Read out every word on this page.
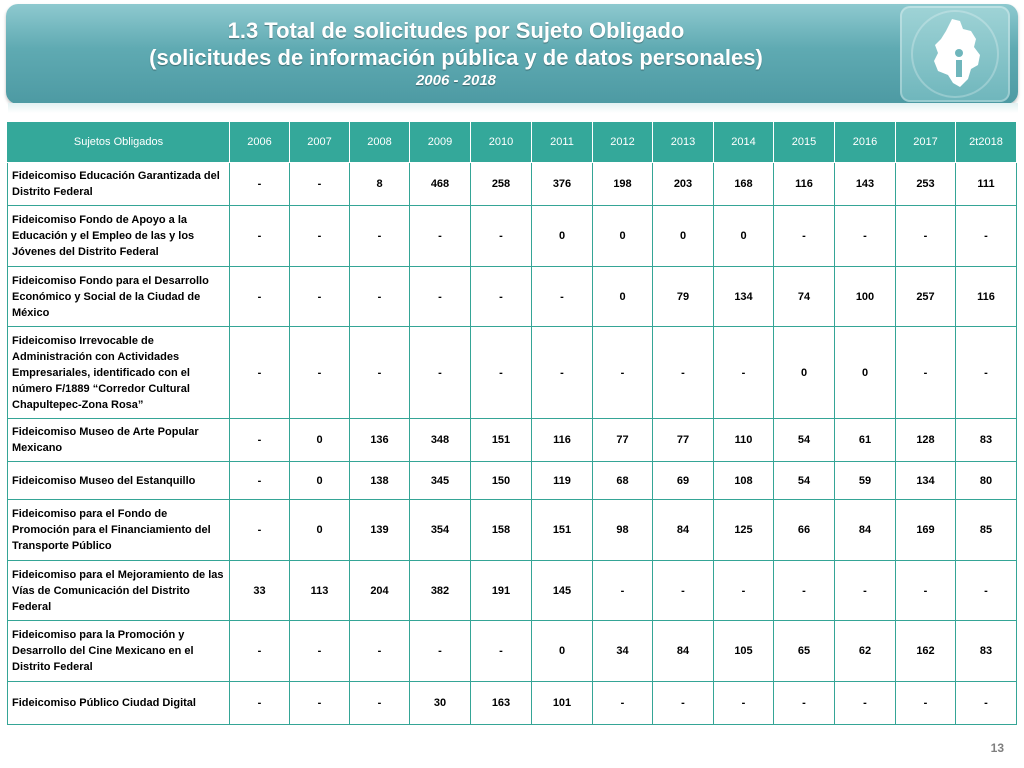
1.3 Total de solicitudes por Sujeto Obligado
(solicitudes de información pública y de datos personales)
2006 - 2018
Sujetos Obligados	2006	2007	2008	2009	2010	2011	2012	2013	2014	2015	2016	2017	2t2018
Fideicomiso Educación Garantizada del Distrito Federal	-	-	8	468	258	376	198	203	168	116	143	253	111
Fideicomiso Fondo de Apoyo a la Educación y el Empleo de las y los Jóvenes del Distrito Federal	-	-	-	-	-	0	0	0	0	-	-	-	-
Fideicomiso Fondo para el Desarrollo Económico y Social de la Ciudad de México	-	-	-	-	-	-	0	79	134	74	100	257	116
Fideicomiso Irrevocable de Administración con Actividades Empresariales, identificado con el número F/1889 “Corredor Cultural Chapultepec-Zona Rosa”	-	-	-	-	-	-	-	-	-	0	0	-	-
Fideicomiso Museo de Arte Popular Mexicano	-	0	136	348	151	116	77	77	110	54	61	128	83
Fideicomiso Museo del Estanquillo	-	0	138	345	150	119	68	69	108	54	59	134	80
Fideicomiso para el Fondo de Promoción para el Financiamiento del Transporte Público	-	0	139	354	158	151	98	84	125	66	84	169	85
Fideicomiso para el Mejoramiento de las Vías de Comunicación del Distrito Federal	33	113	204	382	191	145	-	-	-	-	-	-	-
Fideicomiso para la Promoción y Desarrollo del Cine Mexicano en el Distrito Federal	-	-	-	-	-	0	34	84	105	65	62	162	83
Fideicomiso Público Ciudad Digital	-	-	-	30	163	101	-	-	-	-	-	-	-
13
